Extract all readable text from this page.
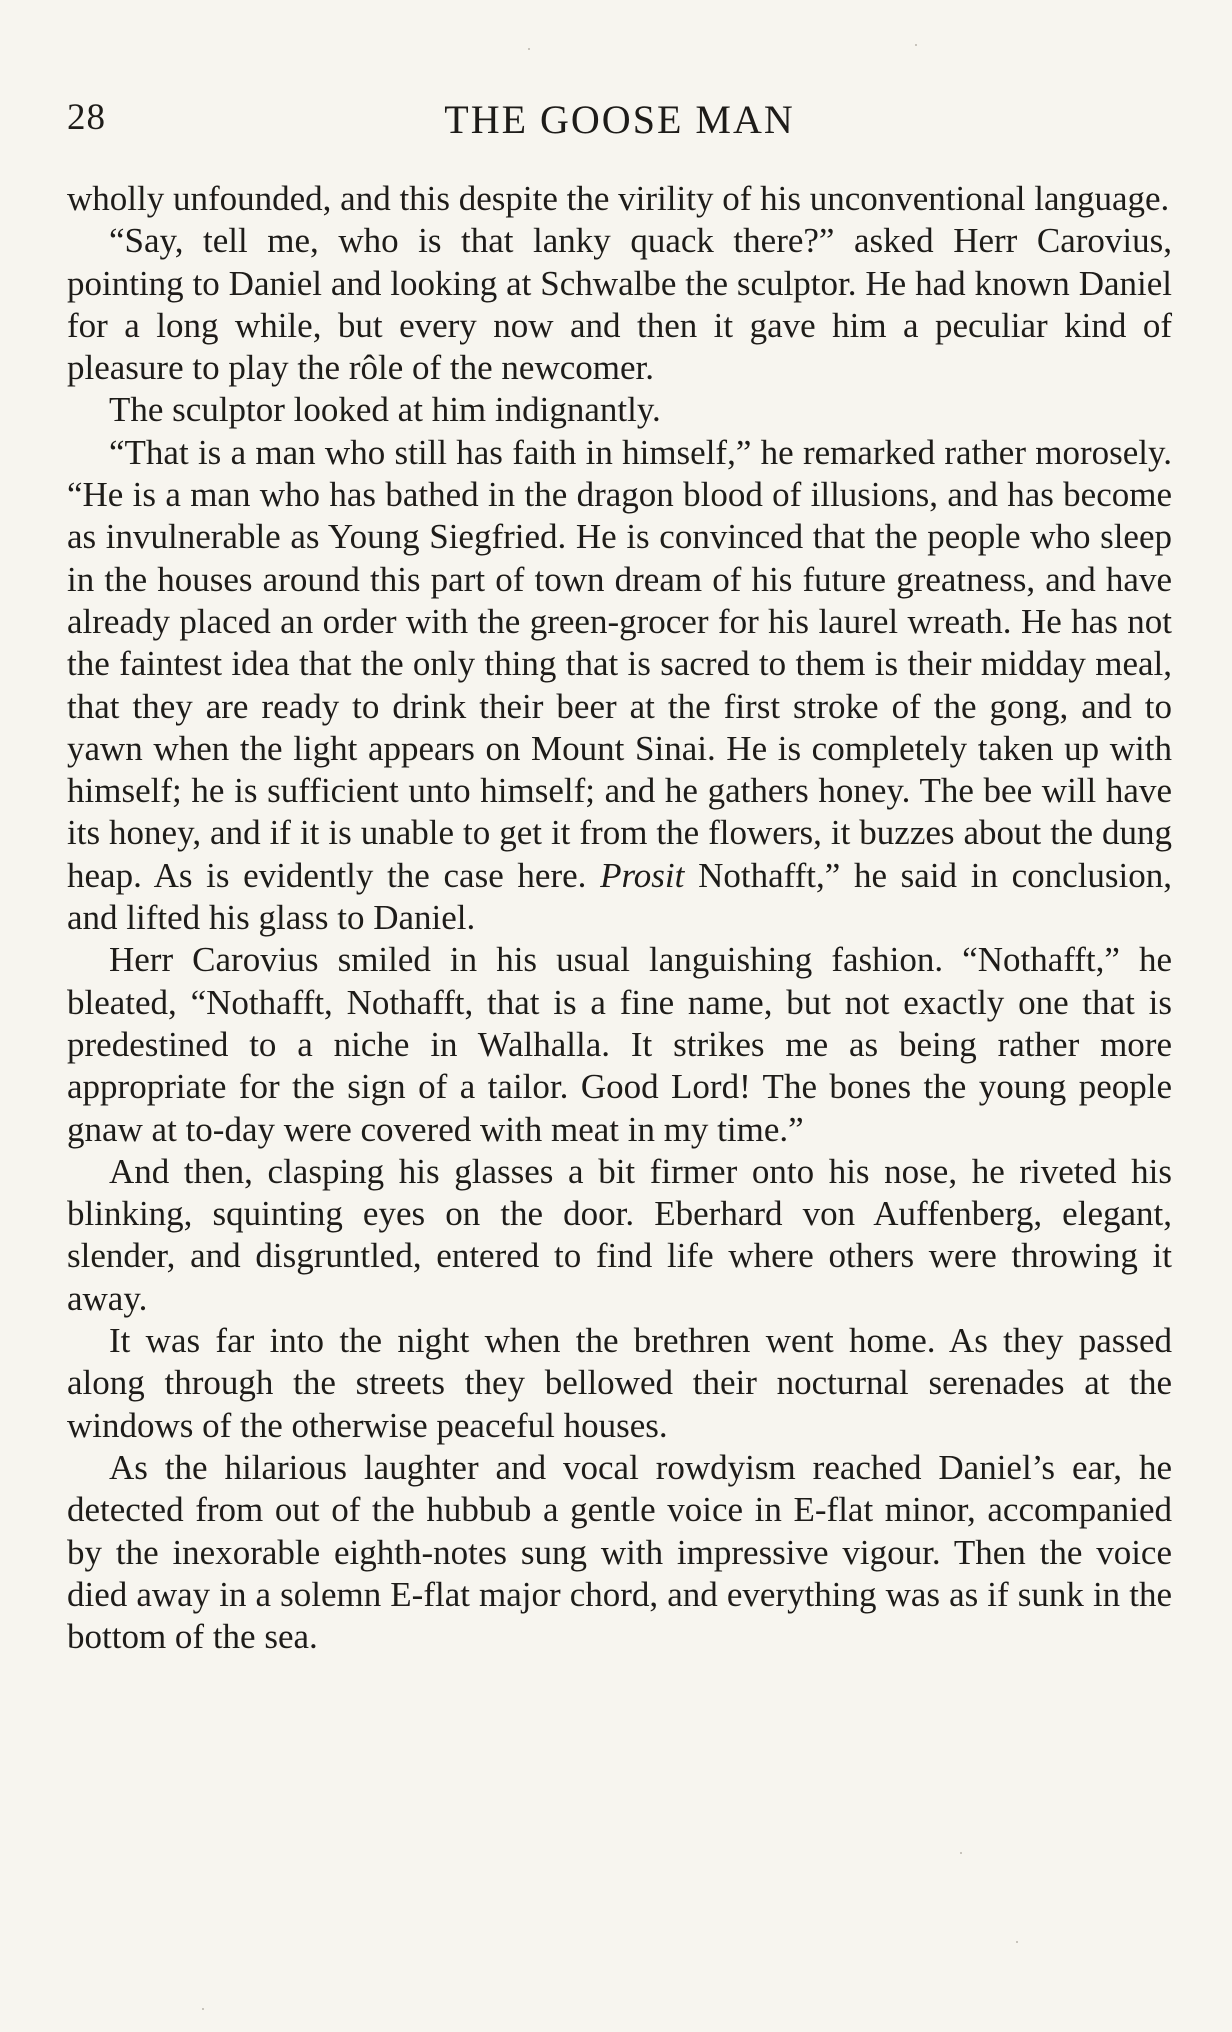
28	THE GOOSE MAN

wholly unfounded, and this despite the virility of his unconventional language.

“Say, tell me, who is that lanky quack there?” asked Herr Carovius, pointing to Daniel and looking at Schwalbe the sculptor. He had known Daniel for a long while, but every now and then it gave him a peculiar kind of pleasure to play the rôle of the newcomer.

The sculptor looked at him indignantly.

“That is a man who still has faith in himself,” he remarked rather morosely. “He is a man who has bathed in the dragon blood of illusions, and has become as invulnerable as Young Siegfried. He is convinced that the people who sleep in the houses around this part of town dream of his future greatness, and have already placed an order with the green-grocer for his laurel wreath. He has not the faintest idea that the only thing that is sacred to them is their midday meal, that they are ready to drink their beer at the first stroke of the gong, and to yawn when the light appears on Mount Sinai. He is completely taken up with himself; he is sufficient unto himself; and he gathers honey. The bee will have its honey, and if it is unable to get it from the flowers, it buzzes about the dung heap. As is evidently the case here. Prosit Nothafft,” he said in conclusion, and lifted his glass to Daniel.

Herr Carovius smiled in his usual languishing fashion. “Nothafft,” he bleated, “Nothafft, Nothafft, that is a fine name, but not exactly one that is predestined to a niche in Walhalla. It strikes me as being rather more appropriate for the sign of a tailor. Good Lord! The bones the young people gnaw at to-day were covered with meat in my time.”

And then, clasping his glasses a bit firmer onto his nose, he riveted his blinking, squinting eyes on the door. Eberhard von Auffenberg, elegant, slender, and disgruntled, entered to find life where others were throwing it away.

It was far into the night when the brethren went home. As they passed along through the streets they bellowed their nocturnal serenades at the windows of the otherwise peaceful houses.

As the hilarious laughter and vocal rowdyism reached Daniel’s ear, he detected from out of the hubbub a gentle voice in E-flat minor, accompanied by the inexorable eighth-notes sung with impressive vigour. Then the voice died away in a solemn E-flat major chord, and everything was as if sunk in the bottom of the sea.
